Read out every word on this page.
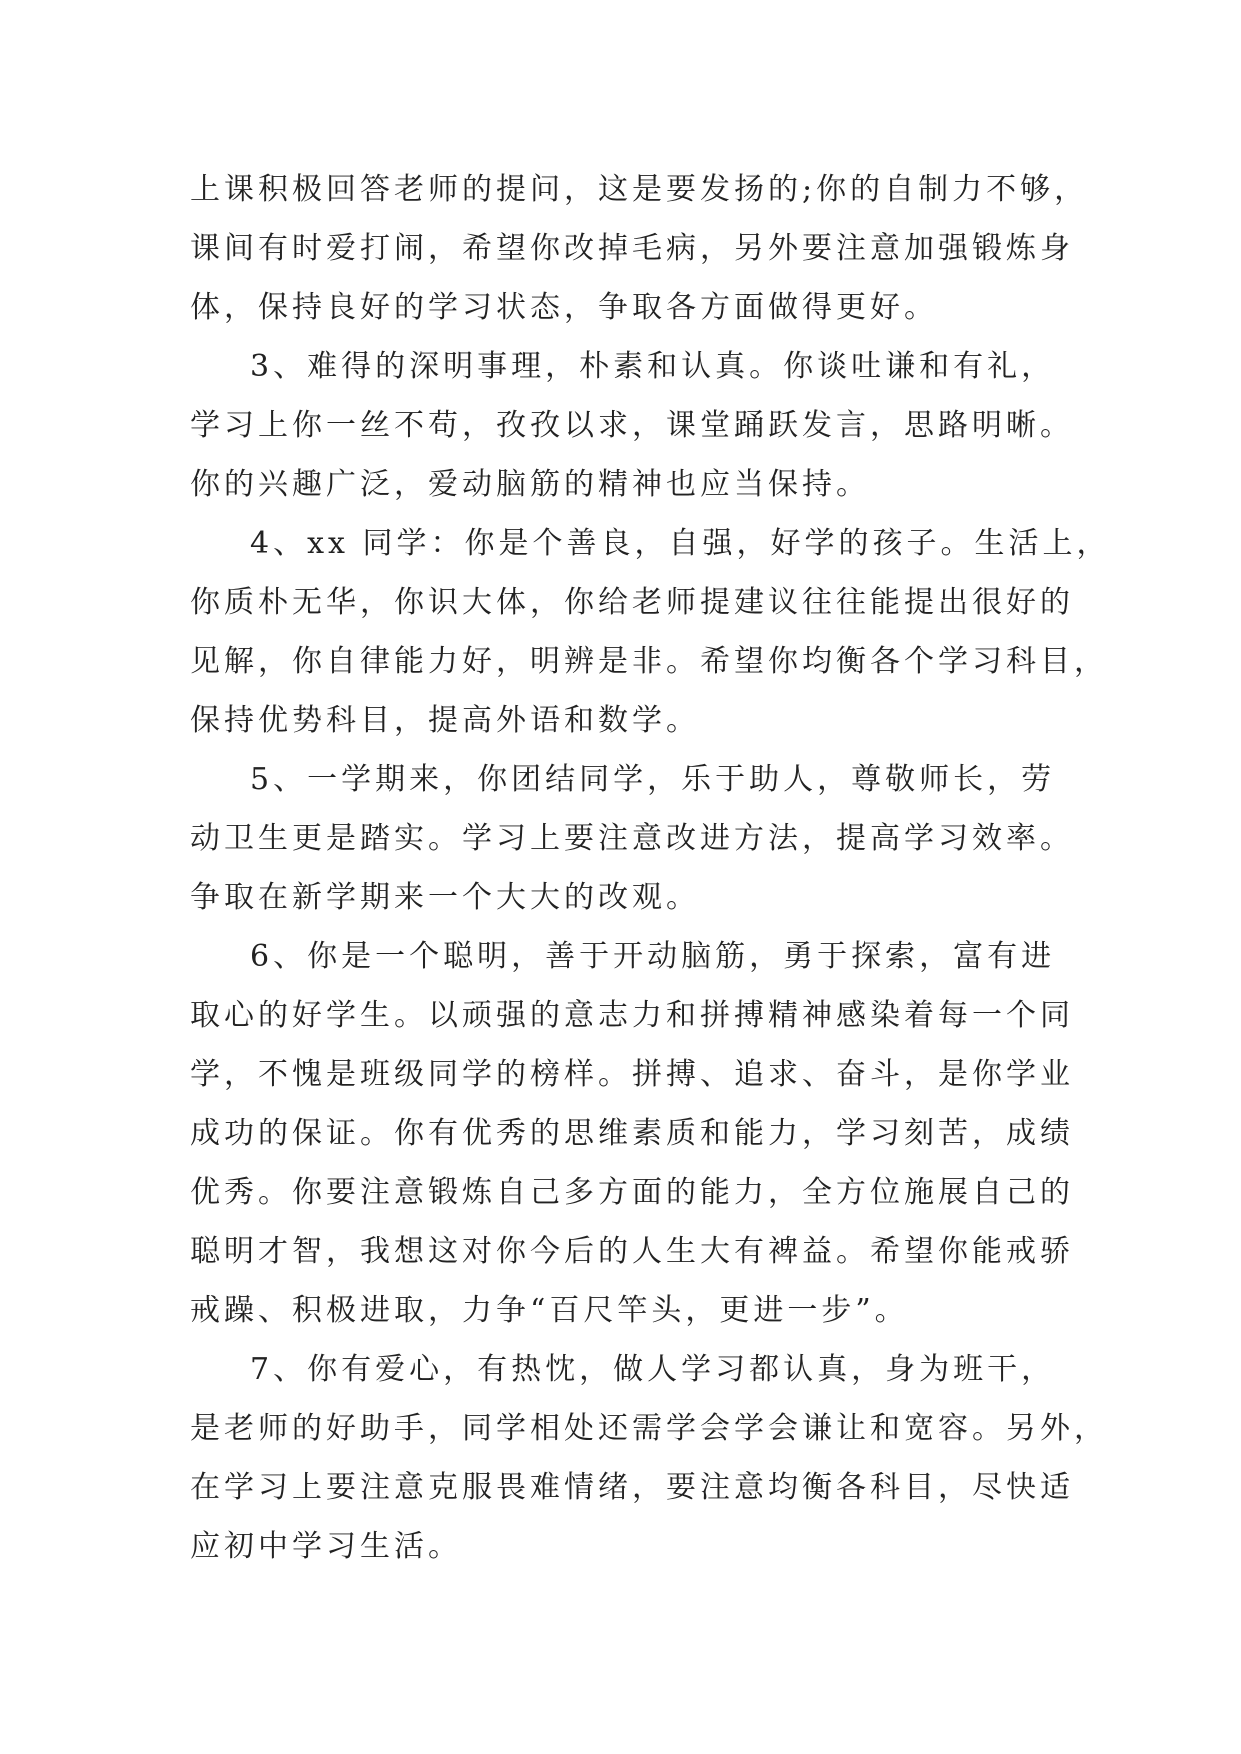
上课积极回答老师的提问，这是要发扬的;你的自制力不够，
课间有时爱打闹，希望你改掉毛病，另外要注意加强锻炼身
体，保持良好的学习状态，争取各方面做得更好。
3、难得的深明事理，朴素和认真。你谈吐谦和有礼，
学习上你一丝不苟，孜孜以求，课堂踊跃发言，思路明晰。
你的兴趣广泛，爱动脑筋的精神也应当保持。
4、xx 同学：你是个善良，自强，好学的孩子。生活上，
你质朴无华，你识大体，你给老师提建议往往能提出很好的
见解，你自律能力好，明辨是非。希望你均衡各个学习科目，
保持优势科目，提高外语和数学。
5、一学期来，你团结同学，乐于助人，尊敬师长，劳
动卫生更是踏实。学习上要注意改进方法，提高学习效率。
争取在新学期来一个大大的改观。
6、你是一个聪明，善于开动脑筋，勇于探索，富有进
取心的好学生。以顽强的意志力和拼搏精神感染着每一个同
学，不愧是班级同学的榜样。拼搏、追求、奋斗，是你学业
成功的保证。你有优秀的思维素质和能力，学习刻苦，成绩
优秀。你要注意锻炼自己多方面的能力，全方位施展自己的
聪明才智，我想这对你今后的人生大有裨益。希望你能戒骄
戒躁、积极进取，力争“百尺竿头，更进一步”。
7、你有爱心，有热忱，做人学习都认真，身为班干，
是老师的好助手，同学相处还需学会学会谦让和宽容。另外，
在学习上要注意克服畏难情绪，要注意均衡各科目，尽快适
应初中学习生活。
